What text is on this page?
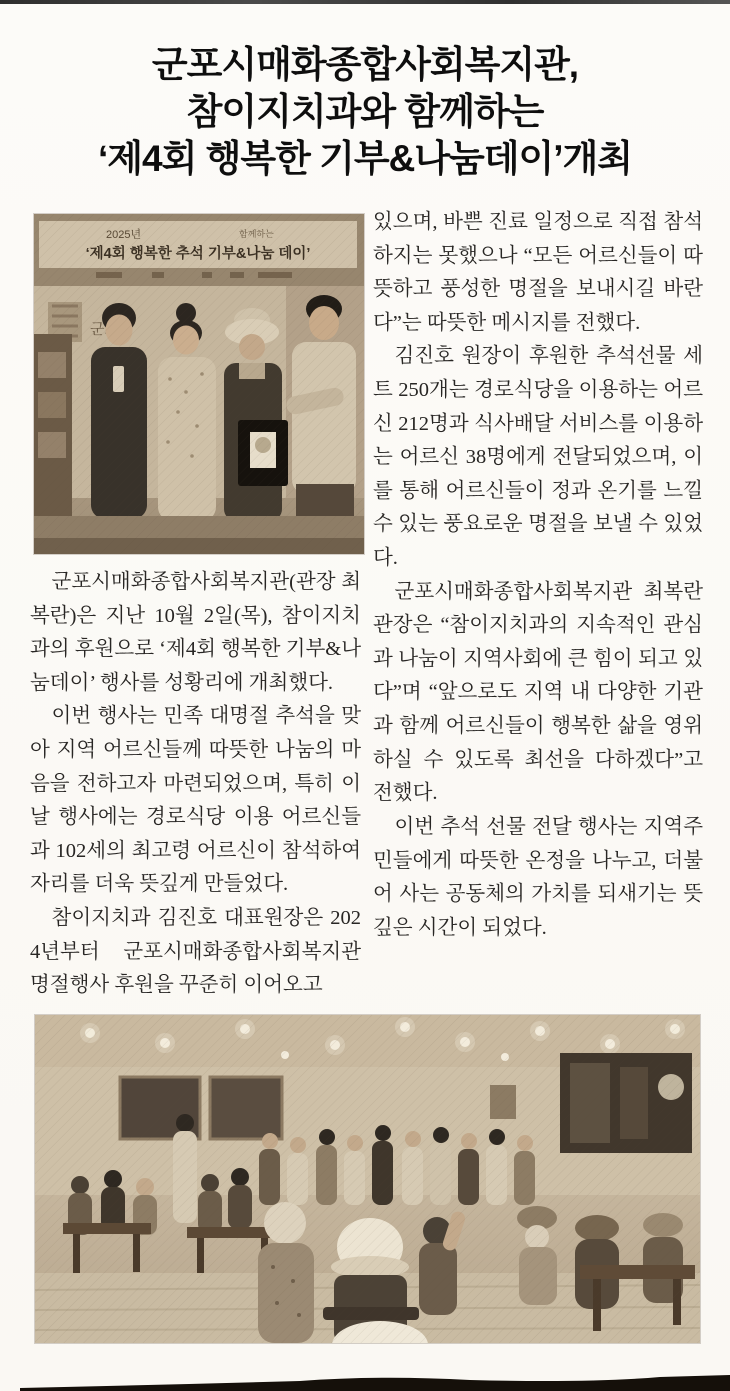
군포시매화종합사회복지관,
참이지치과와 함께하는
‘제4회 행복한 기부&나눔데이’개최

군포시매화종합사회복지관(관장 최복란)은 지난 10월 2일(목), 참이지치과의 후원으로 ‘제4회 행복한 기부&나눔데이’ 행사를 성황리에 개최했다.

이번 행사는 민족 대명절 추석을 맞아 지역 어르신들께 따뜻한 나눔의 마음을 전하고자 마련되었으며, 특히 이날 행사에는 경로식당 이용 어르신들과 102세의 최고령 어르신이 참석하여 자리를 더욱 뜻깊게 만들었다.

참이지치과 김진호 대표원장은 2024년부터 군포시매화종합사회복지관 명절행사 후원을 꾸준히 이어오고

있으며, 바쁜 진료 일정으로 직접 참석하지는 못했으나 “모든 어르신들이 따뜻하고 풍성한 명절을 보내시길 바란다”는 따뜻한 메시지를 전했다.

김진호 원장이 후원한 추석선물 세트 250개는 경로식당을 이용하는 어르신 212명과 식사배달 서비스를 이용하는 어르신 38명에게 전달되었으며, 이를 통해 어르신들이 정과 온기를 느낄 수 있는 풍요로운 명절을 보낼 수 있었다.

군포시매화종합사회복지관 최복란 관장은 “참이지치과의 지속적인 관심과 나눔이 지역사회에 큰 힘이 되고 있다”며 “앞으로도 지역 내 다양한 기관과 함께 어르신들이 행복한 삶을 영위하실 수 있도록 최선을 다하겠다”고 전했다.

이번 추석 선물 전달 행사는 지역주민들에게 따뜻한 온정을 나누고, 더불어 사는 공동체의 가치를 되새기는 뜻깊은 시간이 되었다.
